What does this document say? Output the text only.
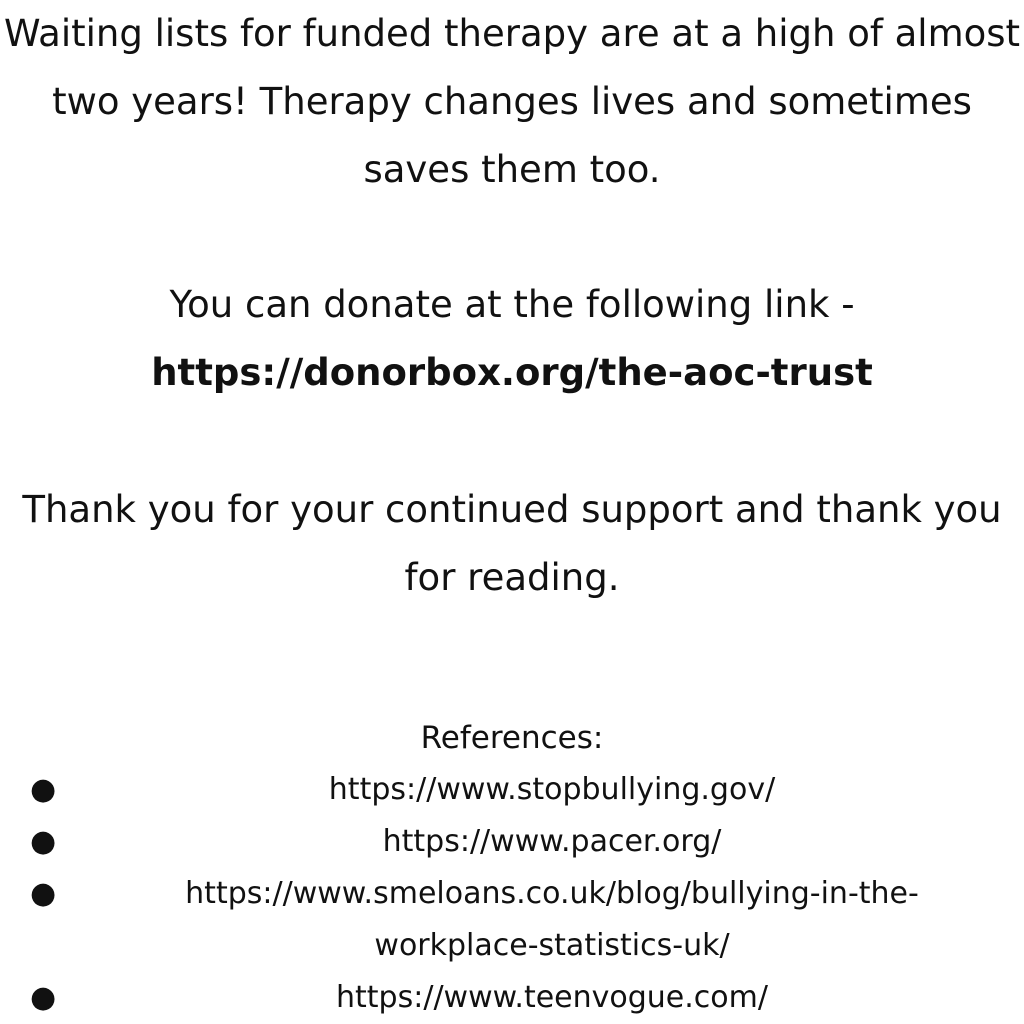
Waiting lists for funded therapy are at a high of almost two years! Therapy changes lives and sometimes saves them too.
You can donate at the following link -
https://donorbox.org/the-aoc-trust
Thank you for your continued support and thank you for reading.
References:
●	https://www.stopbullying.gov/
●	https://www.pacer.org/
●	https://www.smeloans.co.uk/blog/bullying-in-the-workplace-statistics-uk/
●	https://www.teenvogue.com/
